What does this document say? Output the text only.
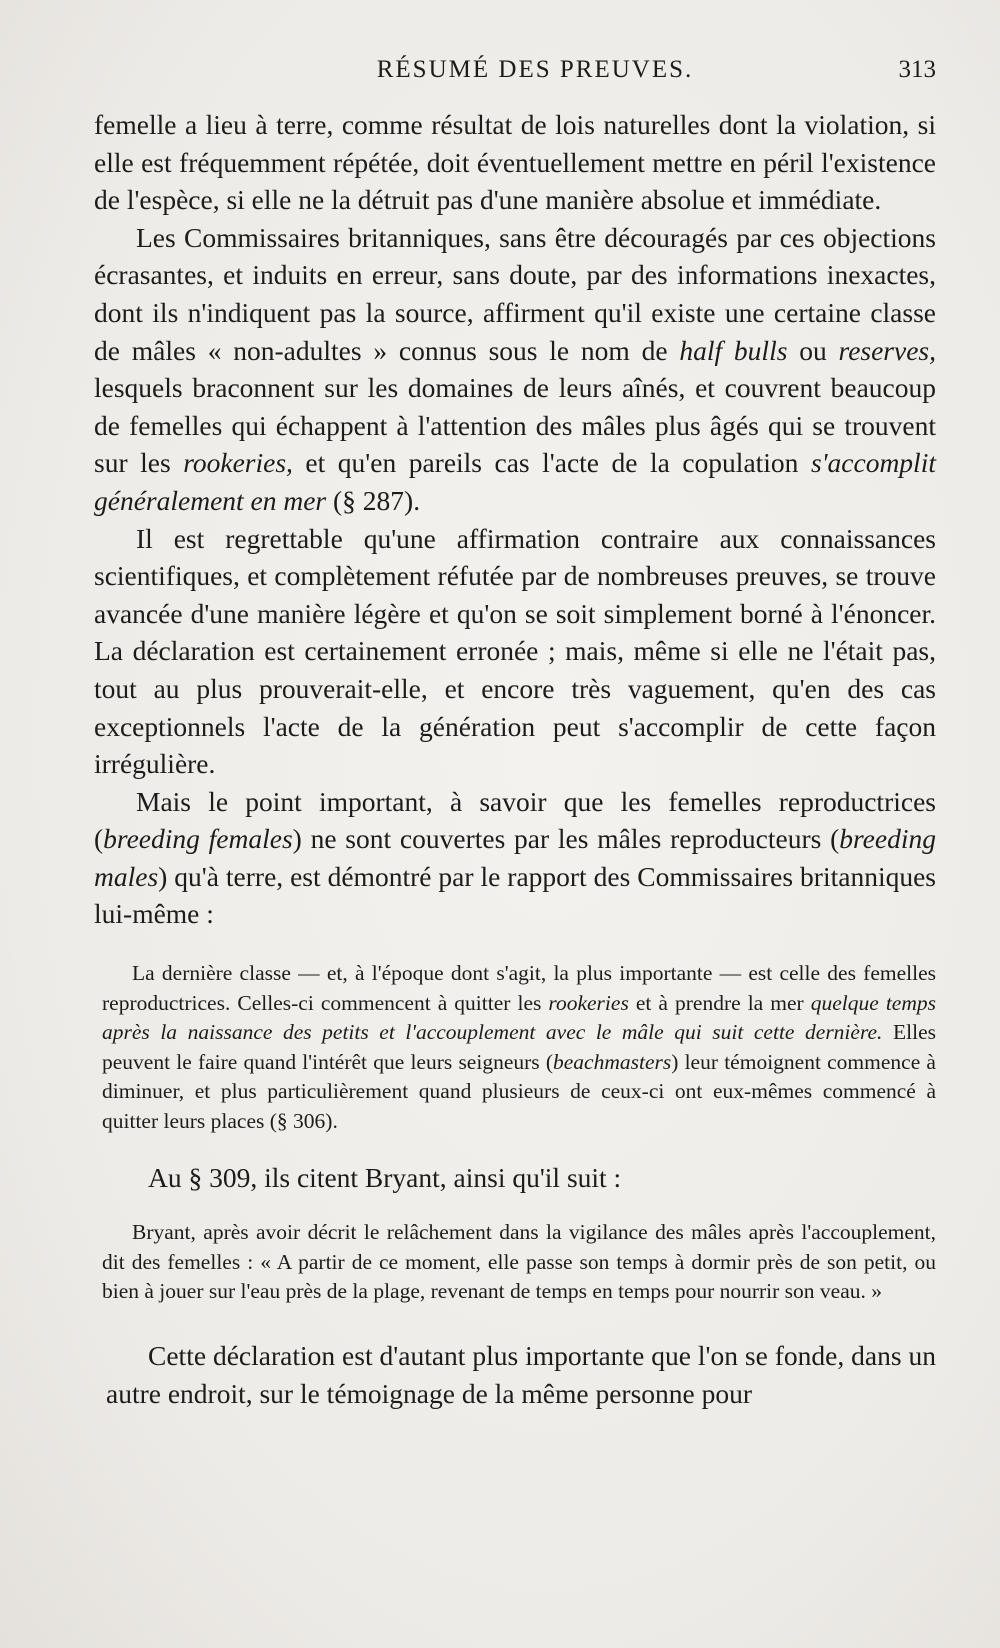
RÉSUMÉ DES PREUVES.	313

femelle a lieu à terre, comme résultat de lois naturelles dont la violation, si elle est fréquemment répétée, doit éventuellement mettre en péril l'existence de l'espèce, si elle ne la détruit pas d'une manière absolue et immédiate.

Les Commissaires britanniques, sans être découragés par ces objections écrasantes, et induits en erreur, sans doute, par des informations inexactes, dont ils n'indiquent pas la source, affirment qu'il existe une certaine classe de mâles « non-adultes » connus sous le nom de half bulls ou reserves, lesquels braconnent sur les domaines de leurs aînés, et couvrent beaucoup de femelles qui échappent à l'attention des mâles plus âgés qui se trouvent sur les rookeries, et qu'en pareils cas l'acte de la copulation s'accomplit généralement en mer (§ 287).

Il est regrettable qu'une affirmation contraire aux connaissances scientifiques, et complètement réfutée par de nombreuses preuves, se trouve avancée d'une manière légère et qu'on se soit simplement borné à l'énoncer. La déclaration est certainement erronée ; mais, même si elle ne l'était pas, tout au plus prouverait-elle, et encore très vaguement, qu'en des cas exceptionnels l'acte de la génération peut s'accomplir de cette façon irrégulière.

Mais le point important, à savoir que les femelles reproductrices (breeding females) ne sont couvertes par les mâles reproducteurs (breeding males) qu'à terre, est démontré par le rapport des Commissaires britanniques lui-même :

La dernière classe — et, à l'époque dont s'agit, la plus importante — est celle des femelles reproductrices. Celles-ci commencent à quitter les rookeries et à prendre la mer quelque temps après la naissance des petits et l'accouplement avec le mâle qui suit cette dernière. Elles peuvent le faire quand l'intérêt que leurs seigneurs (beachmasters) leur témoignent commence à diminuer, et plus particulièrement quand plusieurs de ceux-ci ont eux-mêmes commencé à quitter leurs places (§ 306).

Au § 309, ils citent Bryant, ainsi qu'il suit :

Bryant, après avoir décrit le relâchement dans la vigilance des mâles après l'accouplement, dit des femelles : « A partir de ce moment, elle passe son temps à dormir près de son petit, ou bien à jouer sur l'eau près de la plage, revenant de temps en temps pour nourrir son veau. »

Cette déclaration est d'autant plus importante que l'on se fonde, dans un autre endroit, sur le témoignage de la même personne pour
